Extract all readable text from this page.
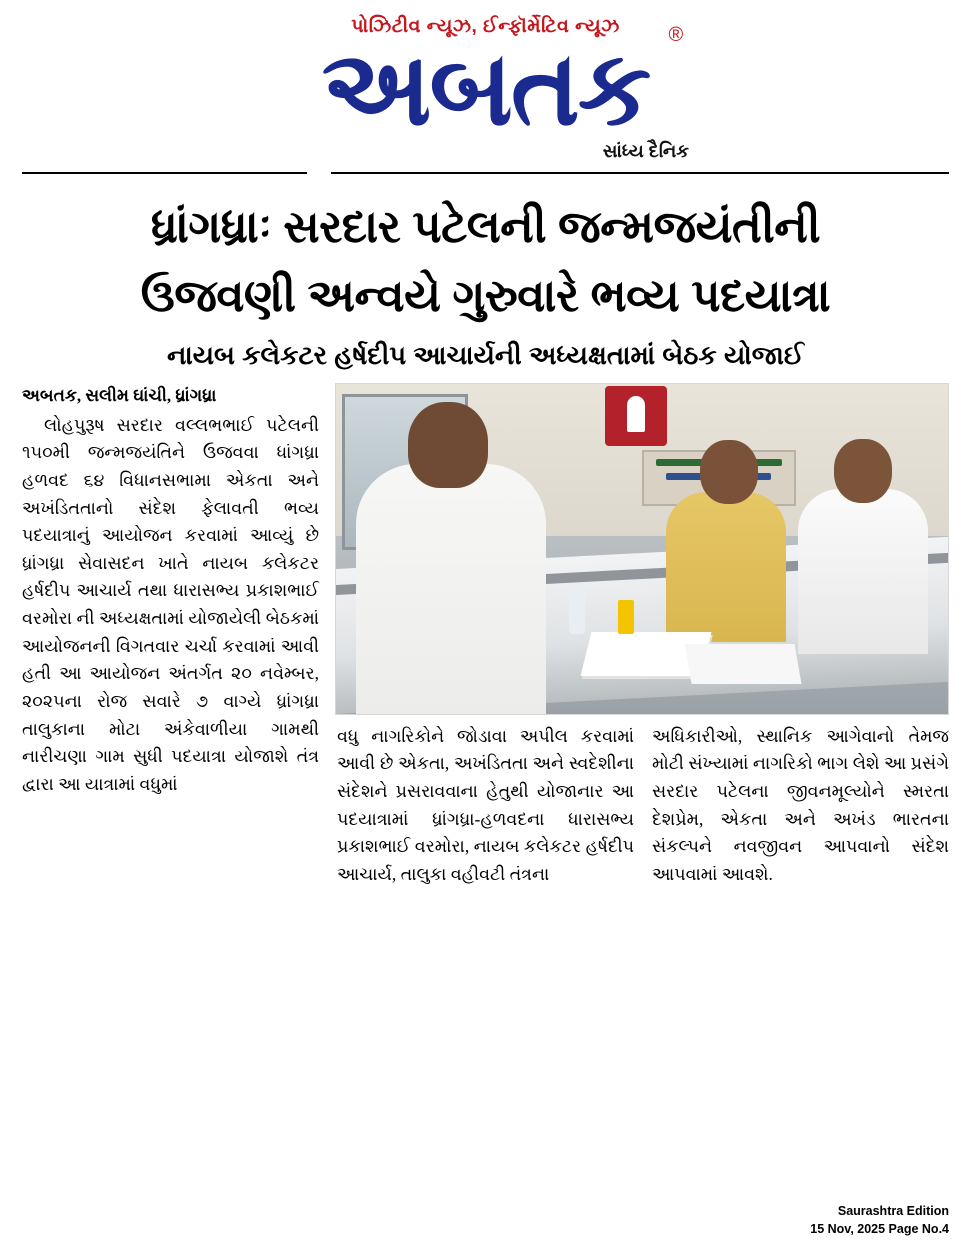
પોઝિટીવ ન્યૂઝ, ઈન્ફૉર્મેટિવ ન્યૂઝ
અબતક ®
સાંધ્ય દૈનિક
ધ્રાંગધ્રાઃ સરદાર પટેલની જન્મજયંતીની
ઉજવણી અન્વયે ગુરુવારે ભવ્ય પદયાત્રા
નાયબ કલેકટર હર્ષદીપ આચાર્યની અધ્યક્ષતામાં બેઠક યોજાઈ
અબતક, સલીમ ઘાંચી, ધ્રાંગધ્રા

લોહપુરૂષ સરદાર વલ્લભભાઈ પટેલની ૧૫૦મી જન્મજયંતિને ઉજવવા ધાંગધ્રા હળવદ ૬૪ વિધાનસભામા એકતા અને અખંડિતતાનો સંદેશ ફેલાવતી ભવ્ય પદયાત્રાનું આયોજન કરવામાં આવ્યું છે ધ્રાંગધ્રા સેવાસદન ખાતે નાયબ કલેકટર હર્ષદીપ આચાર્ય તથા ધારાસભ્ય પ્રકાશભાઈ વરમોરા ની અધ્યક્ષતામાં યોજાયેલી બેઠકમાં આયોજનની વિગતવાર ચર્ચા કરવામાં આવી હતી આ આયોજન અંતર્ગત ૨૦ નવેમ્બર, ૨૦૨૫ના રોજ સવારે ૭ વાગ્યે ધ્રાંગધ્રા તાલુકાના મોટા અંકેવાળીયા ગામથી નારીચણા ગામ સુધી પદયાત્રા યોજાશે તંત્ર દ્વારા આ યાત્રામાં વધુમાં

વધુ નાગરિકોને જોડાવા અપીલ કરવામાં આવી છે એકતા, અખંડિતતા અને સ્વદેશીના સંદેશને પ્રસરાવવાના હેતુથી યોજાનાર આ પદયાત્રામાં ધ્રાંગધ્રા-હળવદના ધારાસભ્ય પ્રકાશભાઈ વરમોરા, નાયબ કલેકટર હર્ષદીપ આચાર્ય, તાલુકા વહીવટી તંત્રના

અધિકારીઓ, સ્થાનિક આગેવાનો તેમજ મોટી સંખ્યામાં નાગરિકો ભાગ લેશે આ પ્રસંગે સરદાર પટેલના જીવનમૂલ્યોને સ્મરતા દેશપ્રેમ, એકતા અને અખંડ ભારતના સંકલ્પને નવજીવન આપવાનો સંદેશ આપવામાં આવશે.

Saurashtra Edition
15 Nov, 2025 Page No.4
